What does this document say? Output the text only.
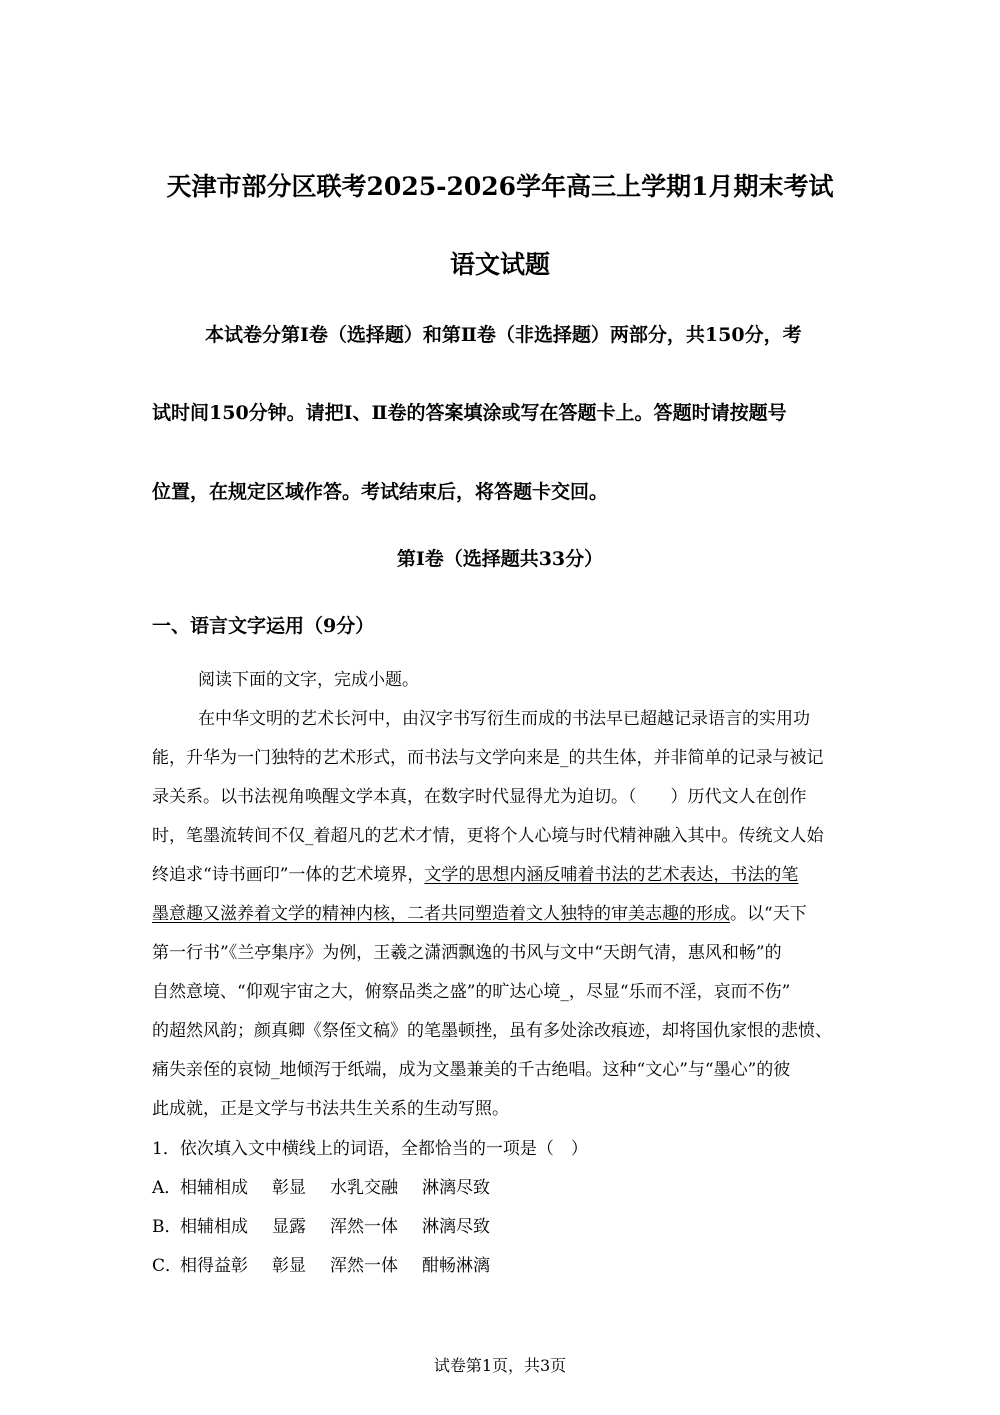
天津市部分区联考2025-2026学年高三上学期1月期末考试
语文试题
本试卷分第Ⅰ卷（选择题）和第Ⅱ卷（非选择题）两部分，共150分，考
试时间150分钟。请把Ⅰ、Ⅱ卷的答案填涂或写在答题卡上。答题时请按题号
位置，在规定区域作答。考试结束后，将答题卡交回。
第Ⅰ卷（选择题共33分）
一、语言文字运用（9分）
阅读下面的文字，完成小题。
在中华文明的艺术长河中，由汉字书写衍生而成的书法早已超越记录语言的实用功
能，升华为一门独特的艺术形式，而书法与文学向来是_的共生体，并非简单的记录与被记
录关系。以书法视角唤醒文学本真，在数字时代显得尤为迫切。（　　）历代文人在创作
时，笔墨流转间不仅_着超凡的艺术才情，更将个人心境与时代精神融入其中。传统文人始
终追求“诗书画印”一体的艺术境界，文学的思想内涵反哺着书法的艺术表达，书法的笔
墨意趣又滋养着文学的精神内核，二者共同塑造着文人独特的审美志趣的形成。以“天下
第一行书”《兰亭集序》为例，王羲之潇洒飘逸的书风与文中“天朗气清，惠风和畅”的
自然意境、“仰观宇宙之大，俯察品类之盛”的旷达心境_，尽显“乐而不淫，哀而不伤”
的超然风韵；颜真卿《祭侄文稿》的笔墨顿挫，虽有多处涂改痕迹，却将国仇家恨的悲愤、
痛失亲侄的哀恸_地倾泻于纸端，成为文墨兼美的千古绝唱。这种“文心”与“墨心”的彼
此成就，正是文学与书法共生关系的生动写照。
1．依次填入文中横线上的词语，全都恰当的一项是（　）
A．相辅相成 彰显 水乳交融 淋漓尽致
B．相辅相成 显露 浑然一体 淋漓尽致
C．相得益彰 彰显 浑然一体 酣畅淋漓
试卷第1页，共3页
